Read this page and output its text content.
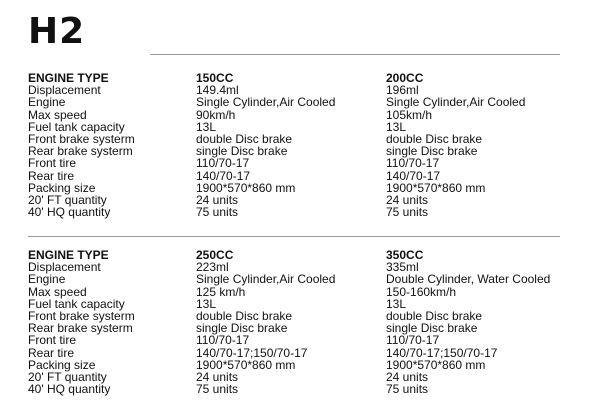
H2
ENGINE TYPE	150CC	200CC
Displacement	149.4ml	196ml
Engine	Single Cylinder,Air Cooled	Single Cylinder,Air Cooled
Max speed	90km/h	105km/h
Fuel tank capacity	13L	13L
Front brake systerm	double Disc brake	double Disc brake
Rear brake systerm	single Disc brake	single Disc brake
Front tire	110/70-17	110/70-17
Rear tire	140/70-17	140/70-17
Packing size	1900*570*860 mm	1900*570*860 mm
20' FT quantity	24 units	24 units
40' HQ quantity	75 units	75 units
ENGINE TYPE	250CC	350CC
Displacement	223ml	335ml
Engine	Single Cylinder,Air Cooled	Double Cylinder, Water Cooled
Max speed	125 km/h	150-160km/h
Fuel tank capacity	13L	13L
Front brake systerm	double Disc brake	double Disc brake
Rear brake systerm	single Disc brake	single Disc brake
Front tire	110/70-17	110/70-17
Rear tire	140/70-17;150/70-17	140/70-17;150/70-17
Packing size	1900*570*860 mm	1900*570*860 mm
20' FT quantity	24 units	24 units
40' HQ quantity	75 units	75 units
